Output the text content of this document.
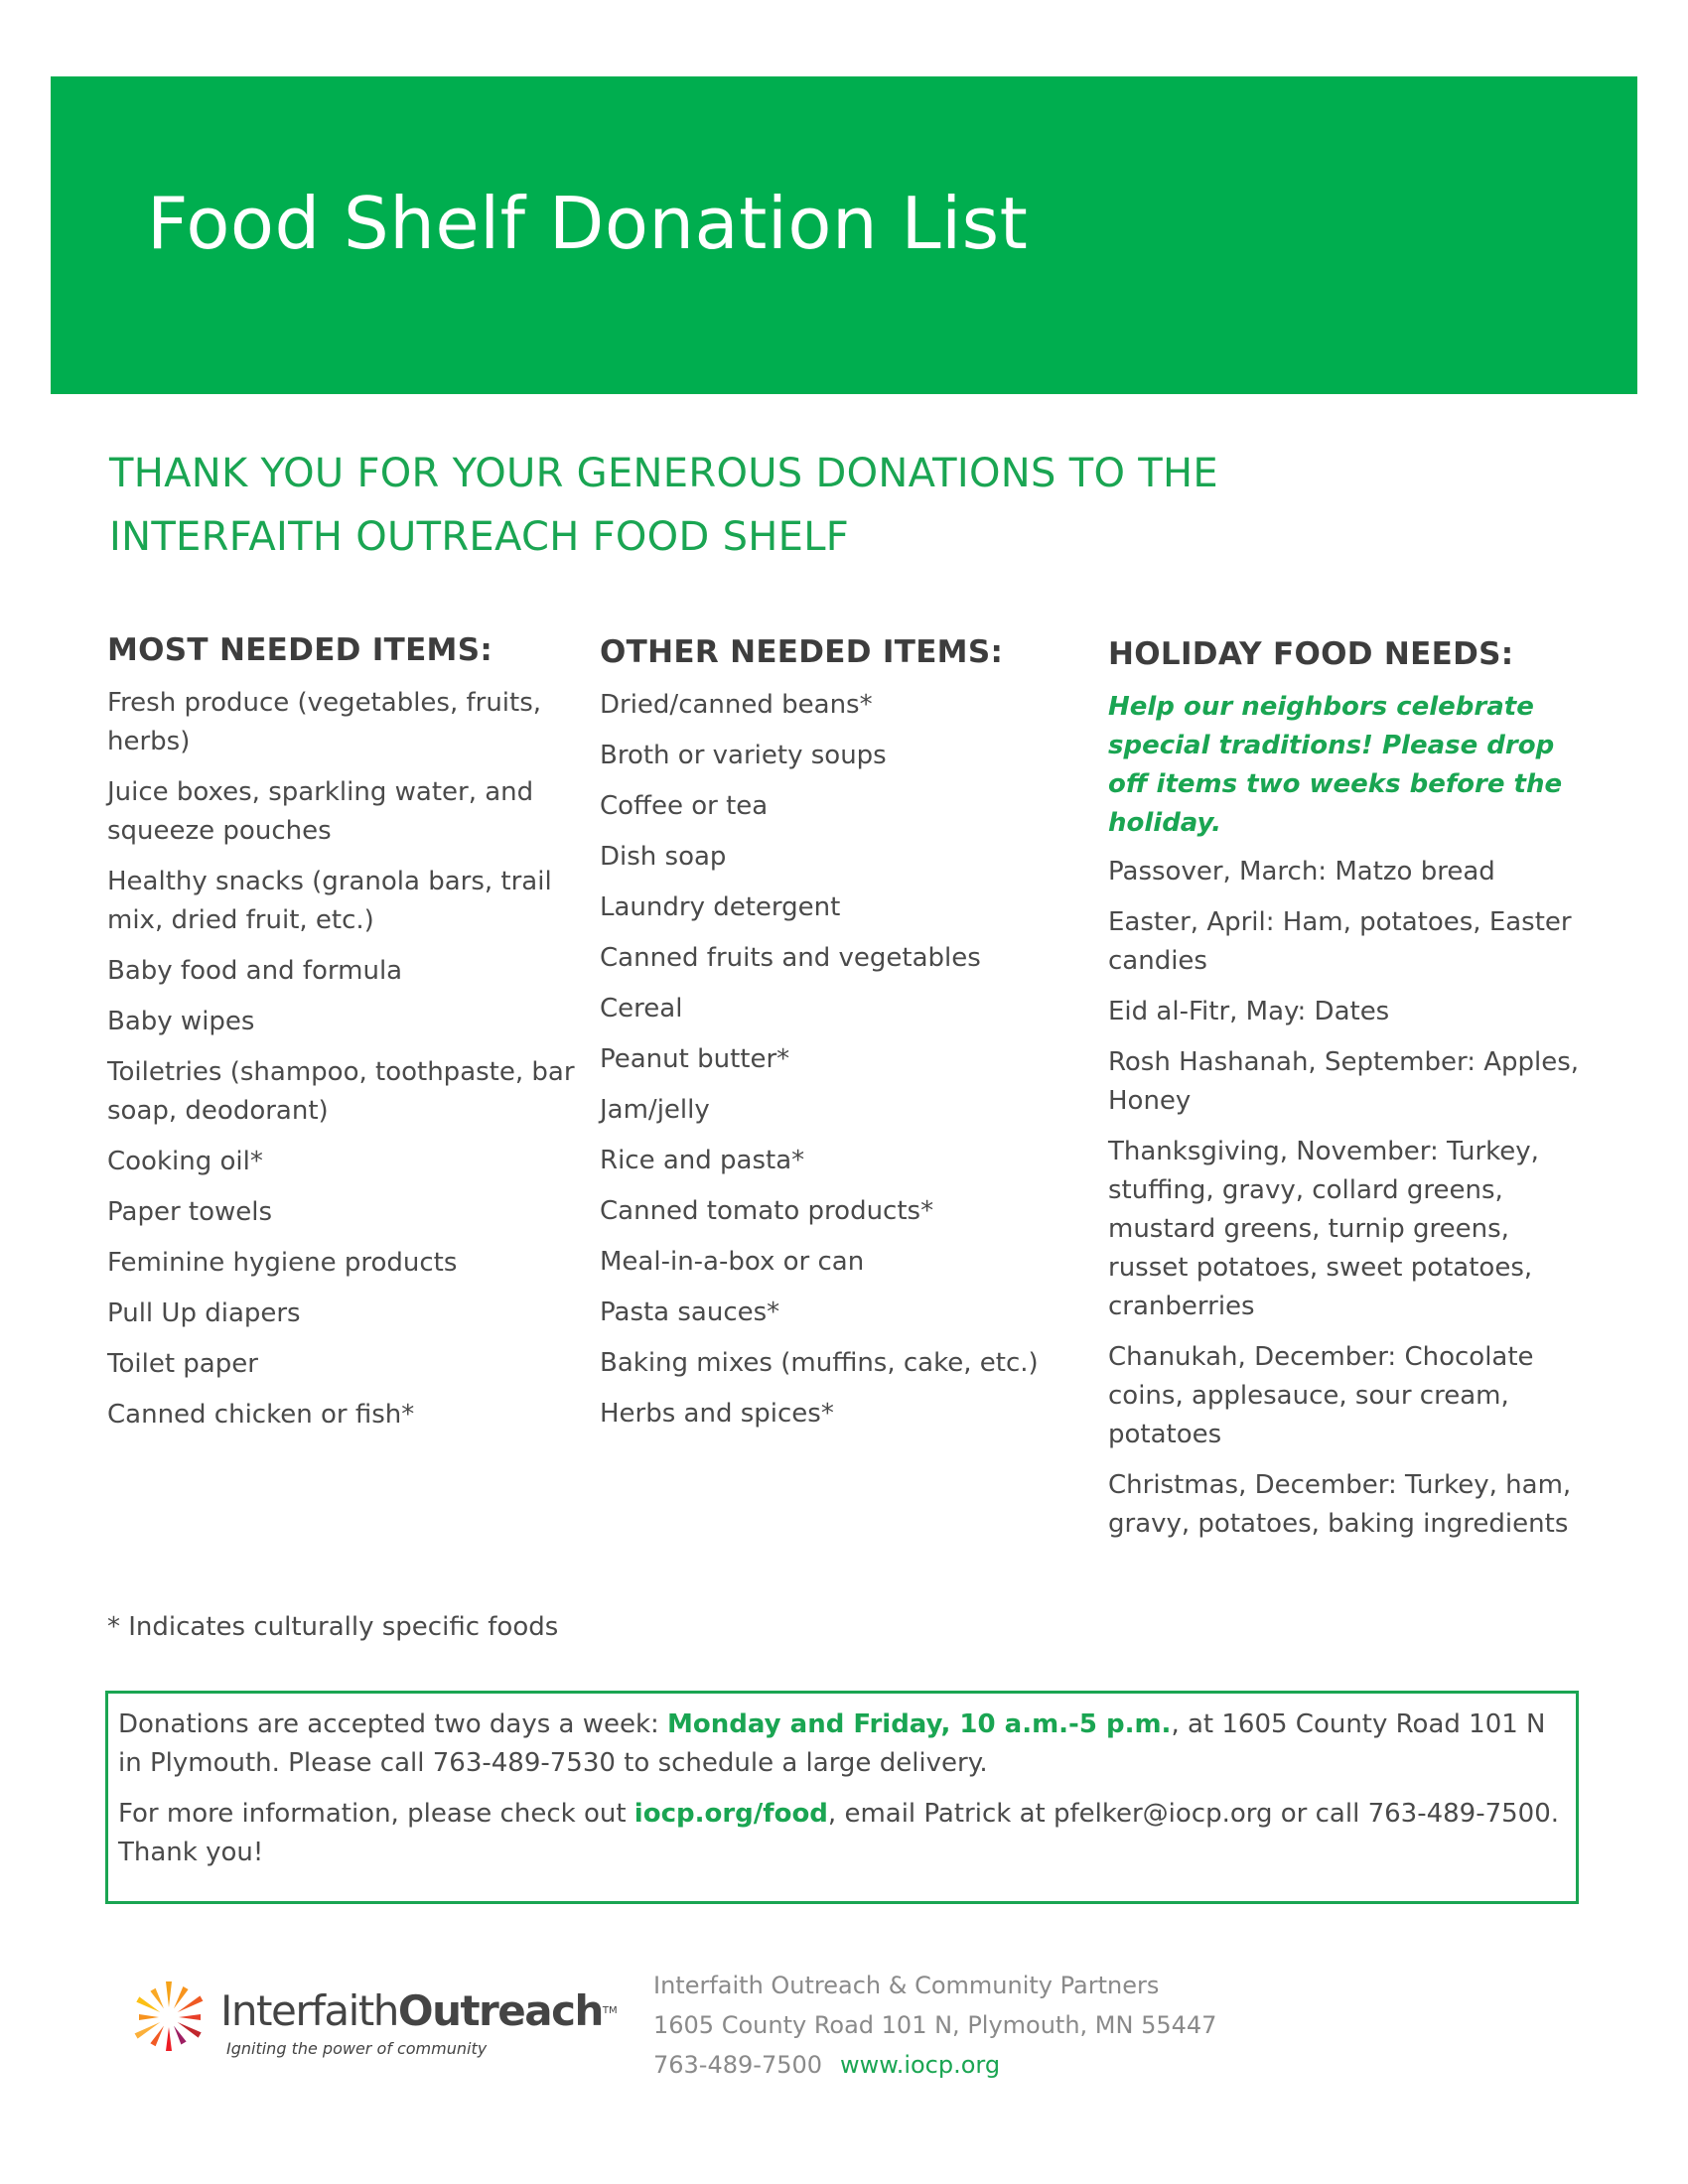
Food Shelf Donation List
THANK YOU FOR YOUR GENEROUS DONATIONS TO THE
INTERFAITH OUTREACH FOOD SHELF
MOST NEEDED ITEMS:
Fresh produce (vegetables, fruits, herbs)
Juice boxes, sparkling water, and squeeze pouches
Healthy snacks (granola bars, trail mix, dried fruit, etc.)
Baby food and formula
Baby wipes
Toiletries (shampoo, toothpaste, bar soap, deodorant)
Cooking oil*
Paper towels
Feminine hygiene products
Pull Up diapers
Toilet paper
Canned chicken or fish*
OTHER NEEDED ITEMS:
Dried/canned beans*
Broth or variety soups
Coffee or tea
Dish soap
Laundry detergent
Canned fruits and vegetables
Cereal
Peanut butter*
Jam/jelly
Rice and pasta*
Canned tomato products*
Meal-in-a-box or can
Pasta sauces*
Baking mixes (muffins, cake, etc.)
Herbs and spices*
HOLIDAY FOOD NEEDS:

Help our neighbors celebrate special traditions! Please drop off items two weeks before the holiday.

Passover, March: Matzo bread
Easter, April: Ham, potatoes, Easter candies
Eid al-Fitr, May: Dates
Rosh Hashanah, September: Apples, Honey
Thanksgiving, November: Turkey, stuffing, gravy, collard greens, mustard greens, turnip greens, russet potatoes, sweet potatoes, cranberries
Chanukah, December: Chocolate coins, applesauce, sour cream, potatoes
Christmas, December: Turkey, ham, gravy, potatoes, baking ingredients

* Indicates culturally specific foods

Donations are accepted two days a week: Monday and Friday, 10 a.m.-5 p.m., at 1605 County Road 101 N in Plymouth. Please call 763-489-7530 to schedule a large delivery.

For more information, please check out iocp.org/food, email Patrick at pfelker@iocp.org or call 763-489-7500. Thank you!

InterfaithOutreach™

Igniting the power of community

Interfaith Outreach & Community Partners

1605 County Road 101 N, Plymouth, MN 55447

763-489-7500 www.iocp.org
